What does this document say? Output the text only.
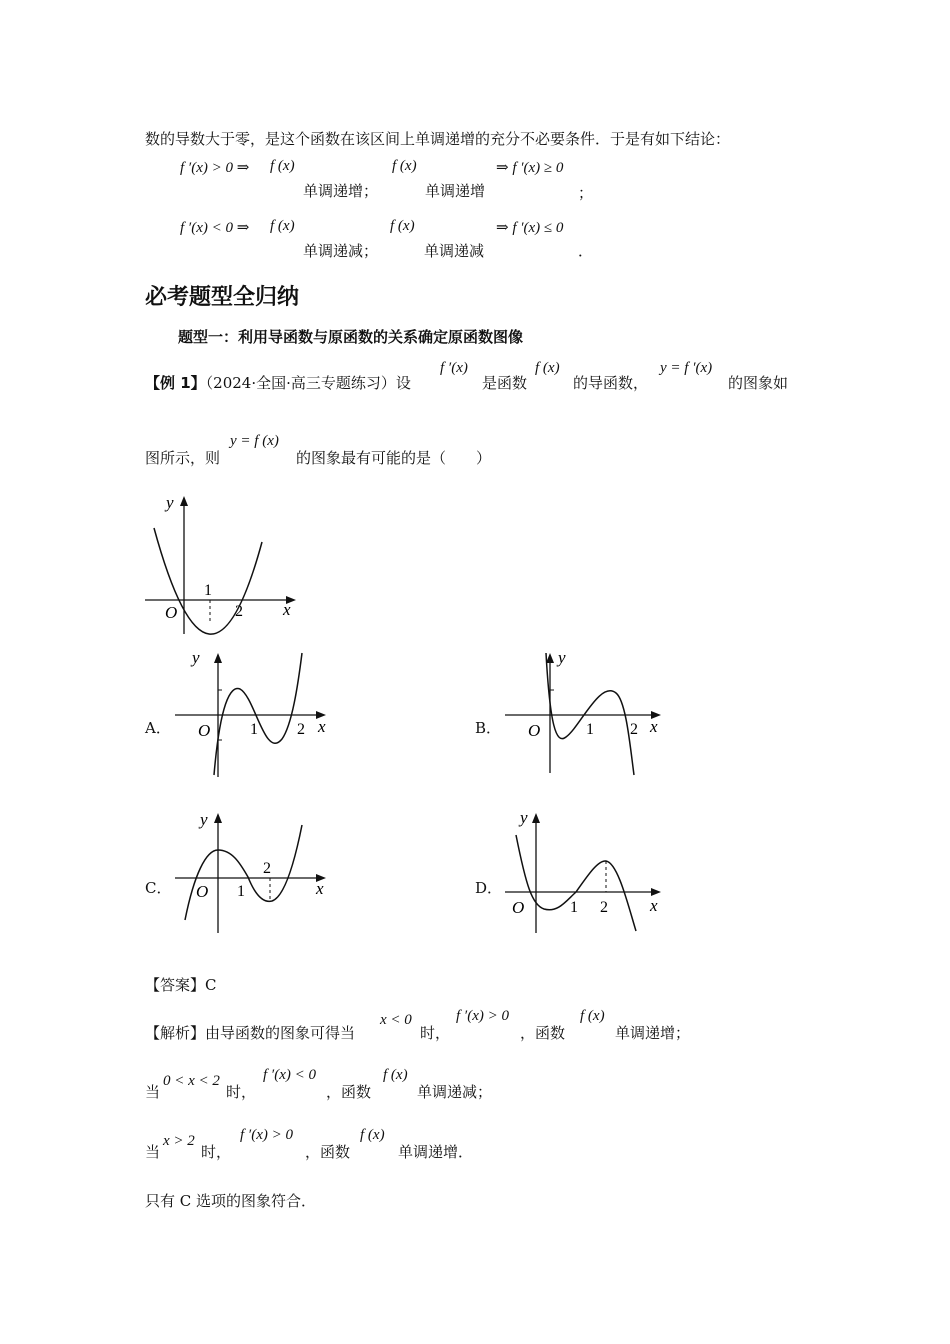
数的导数大于零，是这个函数在该区间上单调递增的充分不必要条件．于是有如下结论：
f ′(x) > 0 ⇒ f (x)
单调递增；
f (x)
单调递增
⇒ f ′(x) ≥ 0
；
f ′(x) < 0 ⇒ f (x)
单调递减；
f (x)
单调递减
⇒ f ′(x) ≤ 0
．
必考题型全归纳
题型一：利用导函数与原函数的关系确定原函数图像
【例 1】（2024·全国·高三专题练习）设
f ′(x)
是函数
f (x)
的导函数，
y = f ′(x)
的图象如
图所示，则
y = f (x)
的图象最有可能的是（　　）
y
x
O
1
2
A．
y
x
O 1 2	B．
y
x
O	1 2
C．
y
x
O 1
2
D．
y
x
O	1 2
【答案】C
【解析】由导函数的图象可得当
x < 0
时，
f ′(x) > 0
，函数
f (x)
单调递增；
当
0 < x < 2
时，
f ′(x) < 0
，函数
f (x)
单调递减；
当
x > 2
时，
f ′(x) > 0
，函数
f (x)
单调递增．
只有 C 选项的图象符合．
